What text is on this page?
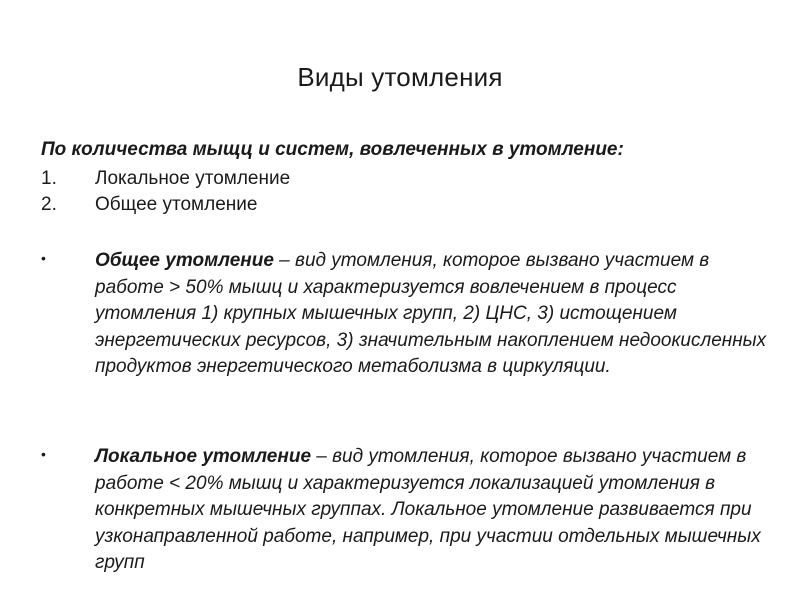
Виды утомления

По количества мыщц и систем, вовлеченных в утомление:

1.	Локальное утомление
2.	Общее утомление
•	Общее утомление – вид утомления, которое вызвано участием в работе > 50% мышц и характеризуется вовлечением в процесс утомления 1) крупных мышечных групп, 2) ЦНС, 3) истощением энергетических ресурсов, 3) значительным накоплением недоокисленных продуктов энергетического метаболизма в циркуляции.
•	Локальное утомление – вид утомления, которое вызвано участием в работе < 20% мышц и характеризуется локализацией утомления в конкретных мышечных группах. Локальное утомление развивается при узконаправленной работе, например, при участии отдельных мышечных групп
